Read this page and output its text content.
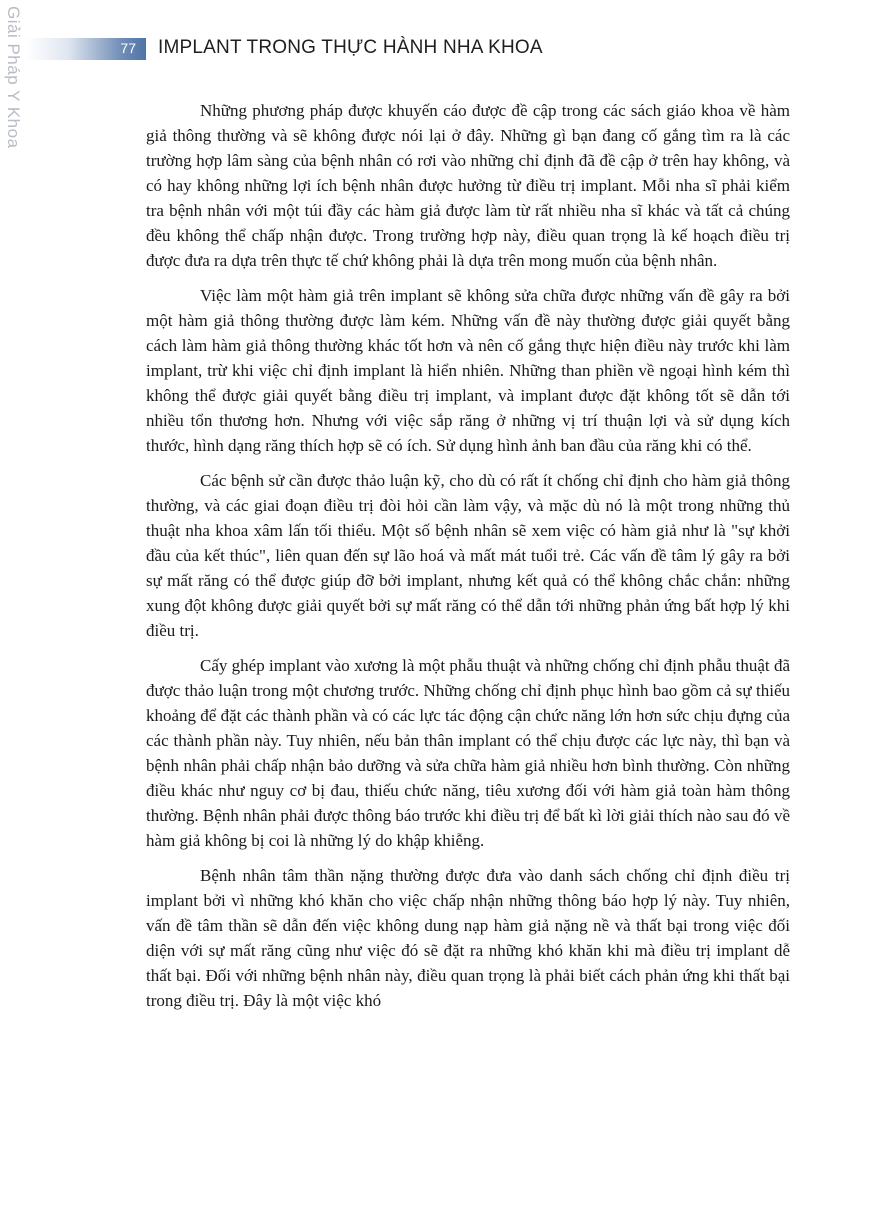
Giải Pháp Y Khoa	77 IMPLANT TRONG THỰC HÀNH NHA KHOA

Những phương pháp được khuyến cáo được đề cập trong các sách giáo khoa về hàm giả thông thường và sẽ không được nói lại ở đây. Những gì bạn đang cố gắng tìm ra là các trường hợp lâm sàng của bệnh nhân có rơi vào những chỉ định đã đề cập ở trên hay không, và có hay không những lợi ích bệnh nhân được hưởng từ điều trị implant. Mỗi nha sĩ phải kiểm tra bệnh nhân với một túi đầy các hàm giả được làm từ rất nhiều nha sĩ khác và tất cả chúng đều không thể chấp nhận được. Trong trường hợp này, điều quan trọng là kế hoạch điều trị được đưa ra dựa trên thực tế chứ không phải là dựa trên mong muốn của bệnh nhân.

Việc làm một hàm giả trên implant sẽ không sửa chữa được những vấn đề gây ra bởi một hàm giả thông thường được làm kém. Những vấn đề này thường được giải quyết bằng cách làm hàm giả thông thường khác tốt hơn và nên cố gắng thực hiện điều này trước khi làm implant, trừ khi việc chỉ định implant là hiển nhiên. Những than phiền về ngoại hình kém thì không thể được giải quyết bằng điều trị implant, và implant được đặt không tốt sẽ dẫn tới nhiều tổn thương hơn. Nhưng với việc sắp răng ở những vị trí thuận lợi và sử dụng kích thước, hình dạng răng thích hợp sẽ có ích. Sử dụng hình ảnh ban đầu của răng khi có thể.

Các bệnh sử cần được thảo luận kỹ, cho dù có rất ít chống chỉ định cho hàm giả thông thường, và các giai đoạn điều trị đòi hỏi cần làm vậy, và mặc dù nó là một trong những thủ thuật nha khoa xâm lấn tối thiểu. Một số bệnh nhân sẽ xem việc có hàm giả như là "sự khởi đầu của kết thúc", liên quan đến sự lão hoá và mất mát tuổi trẻ. Các vấn đề tâm lý gây ra bởi sự mất răng có thể được giúp đỡ bởi implant, nhưng kết quả có thể không chắc chắn: những xung đột không được giải quyết bởi sự mất răng có thể dẫn tới những phản ứng bất hợp lý khi điều trị.

Cấy ghép implant vào xương là một phẫu thuật và những chống chỉ định phẫu thuật đã được thảo luận trong một chương trước. Những chống chỉ định phục hình bao gồm cả sự thiếu khoảng để đặt các thành phần và có các lực tác động cận chức năng lớn hơn sức chịu đựng của các thành phần này. Tuy nhiên, nếu bản thân implant có thể chịu được các lực này, thì bạn và bệnh nhân phải chấp nhận bảo dưỡng và sửa chữa hàm giả nhiều hơn bình thường. Còn những điều khác như nguy cơ bị đau, thiếu chức năng, tiêu xương đối với hàm giả toàn hàm thông thường. Bệnh nhân phải được thông báo trước khi điều trị để bất kì lời giải thích nào sau đó về hàm giả không bị coi là những lý do khập khiễng.

Bệnh nhân tâm thần nặng thường được đưa vào danh sách chống chỉ định điều trị implant bởi vì những khó khăn cho việc chấp nhận những thông báo hợp lý này. Tuy nhiên, vấn đề tâm thần sẽ dẫn đến việc không dung nạp hàm giả nặng nề và thất bại trong việc đối diện với sự mất răng cũng như việc đó sẽ đặt ra những khó khăn khi mà điều trị implant dễ thất bại. Đối với những bệnh nhân này, điều quan trọng là phải biết cách phản ứng khi thất bại trong điều trị. Đây là một việc khó
